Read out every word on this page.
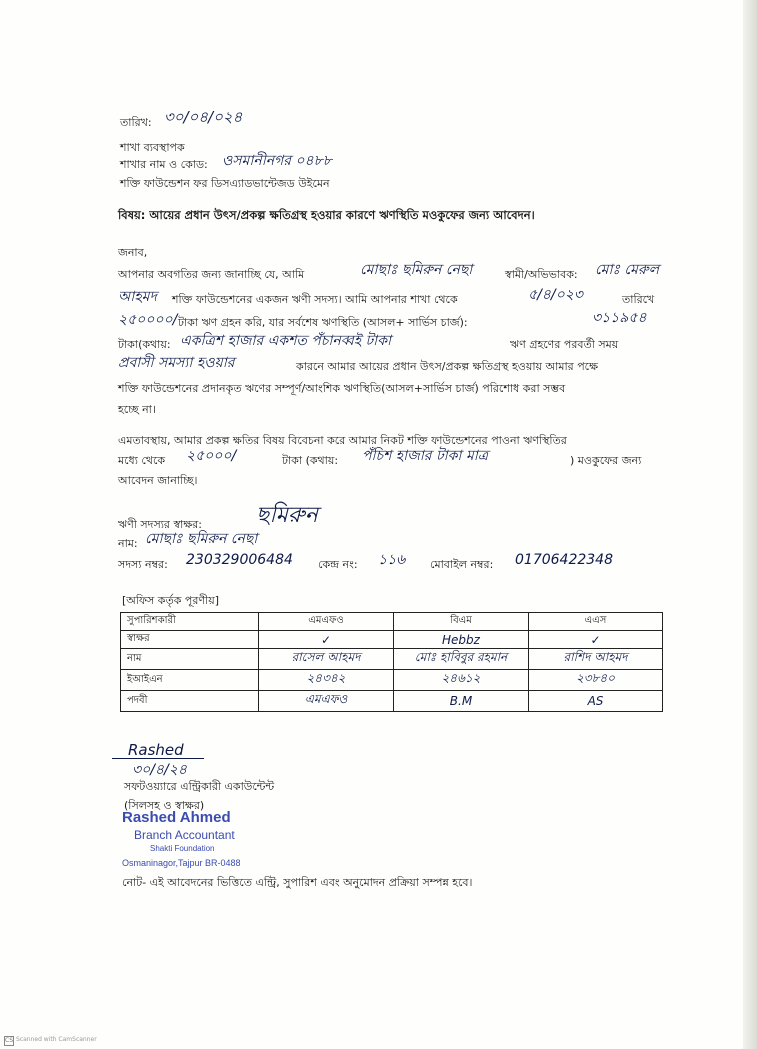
তারিখ: ৩০/০৪/০২৪
শাখা ব্যবস্থাপক
শাখার নাম ও কোড: ওসমানীনগর ০৪৮৮
শক্তি ফাউন্ডেশন ফর ডিসএ্যাডভান্টেজড উইমেন
বিষয়: আয়ের প্রধান উৎস/প্রকল্প ক্ষতিগ্রস্থ হওয়ার কারণে ঋণস্থিতি মওকুফের জন্য আবেদন।
জনাব,
আপনার অবগতির জন্য জানাচ্ছি যে, আমি	মোছাঃ ছমিরুন নেছা	স্বামী/অভিভাবক: মোঃ মেরুল
আহমদ শক্তি ফাউন্ডেশনের একজন ঋণী সদস্য। আমি আপনার শাখা থেকে	৫/৪/০২৩	তারিখে
২৫০০০০/ টাকা ঋণ গ্রহন করি, যার সর্বশেষ ঋণস্থিতি (আসল+ সার্ভিস চার্জ):	৩১১৯৫৪
টাকা(কথায়: একত্রিশ হাজার একশত পঁচানব্বই টাকা	ঋণ গ্রহণের পরবর্তী সময়
প্রবাসী সমস্যা হওয়ার	কারনে আমার আয়ের প্রধান উৎস/প্রকল্প ক্ষতিগ্রস্থ হওয়ায় আমার পক্ষে
শক্তি ফাউন্ডেশনের প্রদানকৃত ঋণের সম্পূর্ণ/আংশিক ঋণস্থিতি(আসল+সার্ভিস চার্জ) পরিশোধ করা সম্ভব
হচ্ছে না।
এমতাবস্থায়, আমার প্রকল্প ক্ষতির বিষয় বিবেচনা করে আমার নিকট শক্তি ফাউন্ডেশনের পাওনা ঋণস্থিতির
মধ্যে থেকে ২৫০০০/	টাকা (কথায়: পঁচিশ হাজার টাকা মাত্র	) মওকুফের জন্য
আবেদন জানাচ্ছি।
ঋণী সদস্যর স্বাক্ষর: ছমিরুন
নাম: মোছাঃ ছমিরুন নেছা
সদস্য নম্বর: 230329006484 কেন্দ্র নং: ১১৬ মোবাইল নম্বর: 01706422348
[অফিস কর্তৃক পূরণীয়]
সুপারিশকারী	এমএফও	বিএম	এএস
স্বাক্ষর	✓	Hebbz	✓
নাম	রাসেল আহমদ	মোঃ হাবিবুর রহমান	রাশিদ আহমদ
ইআইএন	২৪৩৪২	২৪৬১২	২৩৮৪০
পদবী	এমএফও	B.M	AS
Rashed
৩০/৪/২৪
সফটওয়্যারে এন্ট্রিকারী একাউন্টেন্ট
(সিলসহ ও স্বাক্ষর)
Rashed Ahmed
Branch Accountant
Shakti Foundation
Osmaninagor,Tajpur BR-0488
নোট- এই আবেদনের ভিত্তিতে এন্ট্রি, সুপারিশ এবং অনুমোদন প্রক্রিয়া সম্পন্ন হবে।
CS Scanned with CamScanner
